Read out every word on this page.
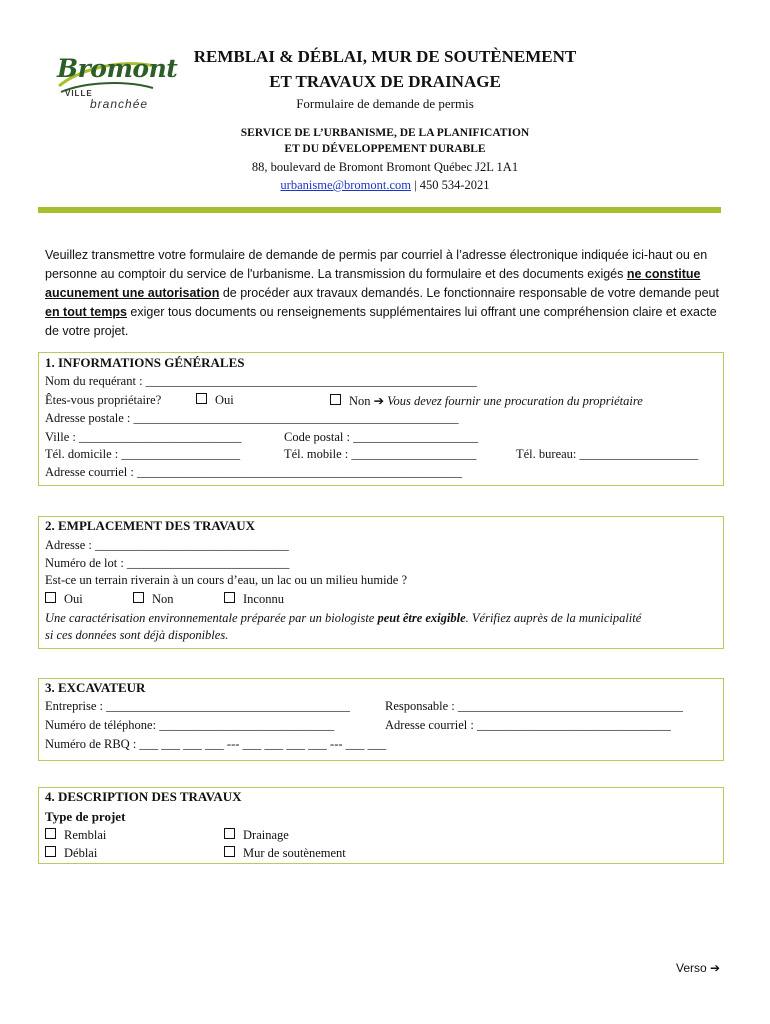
Bromont
VILLE
branchée
REMBLAI & DÉBLAI, MUR DE SOUTÈNEMENT
ET TRAVAUX DE DRAINAGE
Formulaire de demande de permis
SERVICE DE L’URBANISME, DE LA PLANIFICATION
ET DU DÉVELOPPEMENT DURABLE
88, boulevard de Bromont Bromont Québec J2L 1A1
urbanisme@bromont.com | 450 534-2021
Veuillez transmettre votre formulaire de demande de permis par courriel à l’adresse électronique indiquée ici-haut ou en personne au comptoir du service de l'urbanisme. La transmission du formulaire et des documents exigés ne constitue aucunement une autorisation de procéder aux travaux demandés. Le fonctionnaire responsable de votre demande peut en tout temps exiger tous documents ou renseignements supplémentaires lui offrant une compréhension claire et exacte de votre projet.
1. INFORMATIONS GÉNÉRALES
Nom du requérant : _____________________________________________________
Êtes-vous propriétaire?	Oui	Non ➔ Vous devez fournir une procuration du propriétaire
Adresse postale : ____________________________________________________
Ville : __________________________	Code postal : ____________________
Tél. domicile : ___________________	Tél. mobile : ____________________	Tél. bureau: ___________________
Adresse courriel : ____________________________________________________
2. EMPLACEMENT DES TRAVAUX
Adresse : _______________________________
Numéro de lot : __________________________
Est-ce un terrain riverain à un cours d’eau, un lac ou un milieu humide ?
Oui	Non	Inconnu
Une caractérisation environnementale préparée par un biologiste peut être exigible. Vérifiez auprès de la municipalité
si ces données sont déjà disponibles.
3. EXCAVATEUR
Entreprise : _______________________________________	Responsable : ____________________________________
Numéro de téléphone: ____________________________	Adresse courriel : _______________________________
Numéro de RBQ : ___ ___ ___ ___ --- ___ ___ ___ ___ --- ___ ___
4. DESCRIPTION DES TRAVAUX
Type de projet
Remblai	Drainage
Déblai	Mur de soutènement
Verso ➔
